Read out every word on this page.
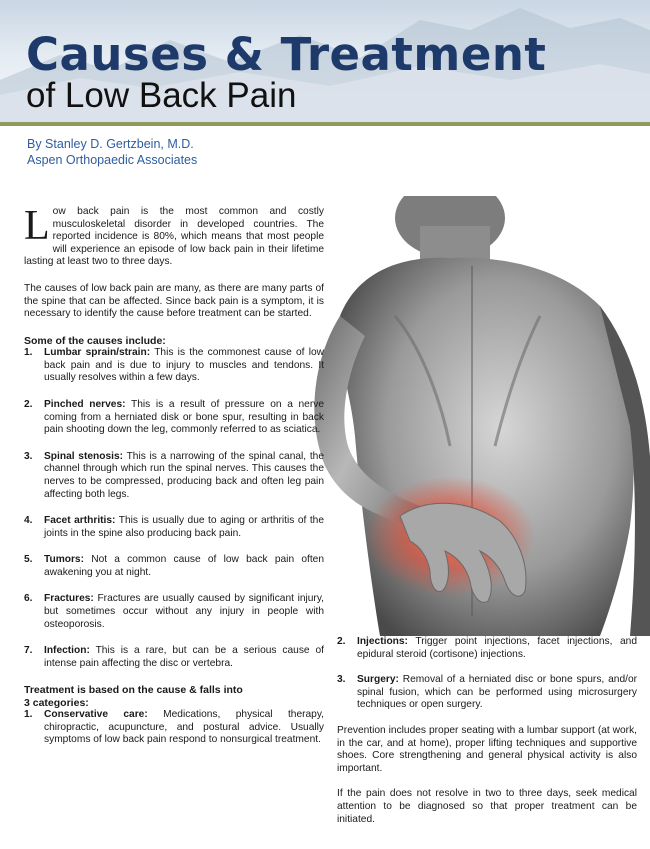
Causes & Treatment
of Low Back Pain
By Stanley D. Gertzbein, M.D.
Aspen Orthopaedic Associates

Low back pain is the most common and costly musculoskeletal disorder in developed countries. The reported incidence is 80%, which means that most people will experience an episode of low back pain in their lifetime lasting at least two to three days.

The causes of low back pain are many, as there are many parts of the spine that can be affected. Since back pain is a symptom, it is necessary to identify the cause before treatment can be started.

Some of the causes include:
1. Lumbar sprain/strain: This is the commonest cause of low back pain and is due to injury to muscles and tendons. It usually resolves within a few days.
2. Pinched nerves: This is a result of pressure on a nerve coming from a herniated disk or bone spur, resulting in back pain shooting down the leg, commonly referred to as sciatica.
3. Spinal stenosis: This is a narrowing of the spinal canal, the channel through which run the spinal nerves. This causes the nerves to be compressed, producing back and often leg pain affecting both legs.
4. Facet arthritis: This is usually due to aging or arthritis of the joints in the spine also producing back pain.
5. Tumors: Not a common cause of low back pain often awakening you at night.
6. Fractures: Fractures are usually caused by significant injury, but sometimes occur without any injury in people with osteoporosis.
7. Infection: This is a rare, but can be a serious cause of intense pain affecting the disc or vertebra.
Treatment is based on the cause & falls into
3 categories:
1. Conservative care: Medications, physical therapy, chiropractic, acupuncture, and postural advice. Usually symptoms of low back pain respond to nonsurgical treatment.
2. Injections: Trigger point injections, facet injections, and epidural steroid (cortisone) injections.
3. Surgery: Removal of a herniated disc or bone spurs, and/or spinal fusion, which can be performed using microsurgery techniques or open surgery.

Prevention includes proper seating with a lumbar support (at work, in the car, and at home), proper lifting techniques and supportive shoes. Core strengthening and general physical activity is also important.

If the pain does not resolve in two to three days, seek medical attention to be diagnosed so that proper treatment can be initiated.
